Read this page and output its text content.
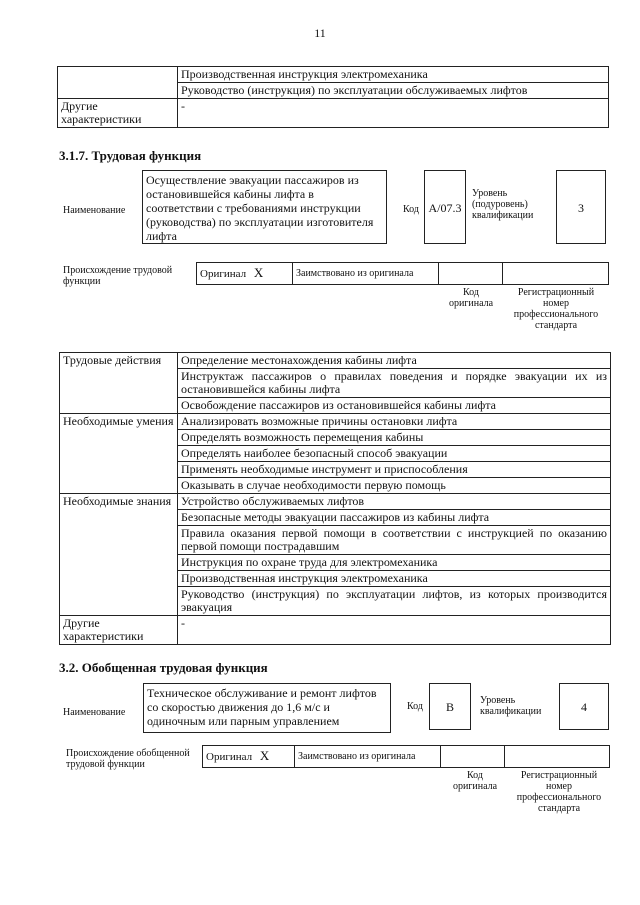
11
	Производственная инструкция электромеханика
	Руководство (инструкция) по эксплуатации обслуживаемых лифтов
Другие характеристики	-
3.1.7. Трудовая функция
Наименование
Осуществление эвакуации пассажиров из остановившейся кабины лифта в соответствии с требованиями инструкции (руководства) по эксплуатации изготовителя лифта
Код A/07.3
Уровень (подуровень) квалификации
3
Происхождение трудовой функции
Оригинал X	Заимствовано из оригинала		
Код оригинала
Регистрационный номер профессионального стандарта
Трудовые действия	Определение местонахождения кабины лифта
	Инструктаж пассажиров о правилах поведения и порядке эвакуации их из остановившейся кабины лифта
	Освобождение пассажиров из остановившейся кабины лифта
Необходимые умения	Анализировать возможные причины остановки лифта
	Определять возможность перемещения кабины
	Определять наиболее безопасный способ эвакуации
	Применять необходимые инструмент и приспособления
	Оказывать в случае необходимости первую помощь
Необходимые знания	Устройство обслуживаемых лифтов
	Безопасные методы эвакуации пассажиров из кабины лифта
	Правила оказания первой помощи в соответствии с инструкцией по оказанию первой помощи пострадавшим
	Инструкция по охране труда для электромеханика
	Производственная инструкция электромеханика
	Руководство (инструкция) по эксплуатации лифтов, из которых производится эвакуация
Другие характеристики	-
3.2. Обобщенная трудовая функция
Наименование
Техническое обслуживание и ремонт лифтов со скоростью движения до 1,6 м/с и одиночным или парным управлением
Код	B	Уровень квалификации	4
Происхождение обобщенной трудовой функции
Оригинал X	Заимствовано из оригинала		
Код оригинала
Регистрационный номер профессионального стандарта
